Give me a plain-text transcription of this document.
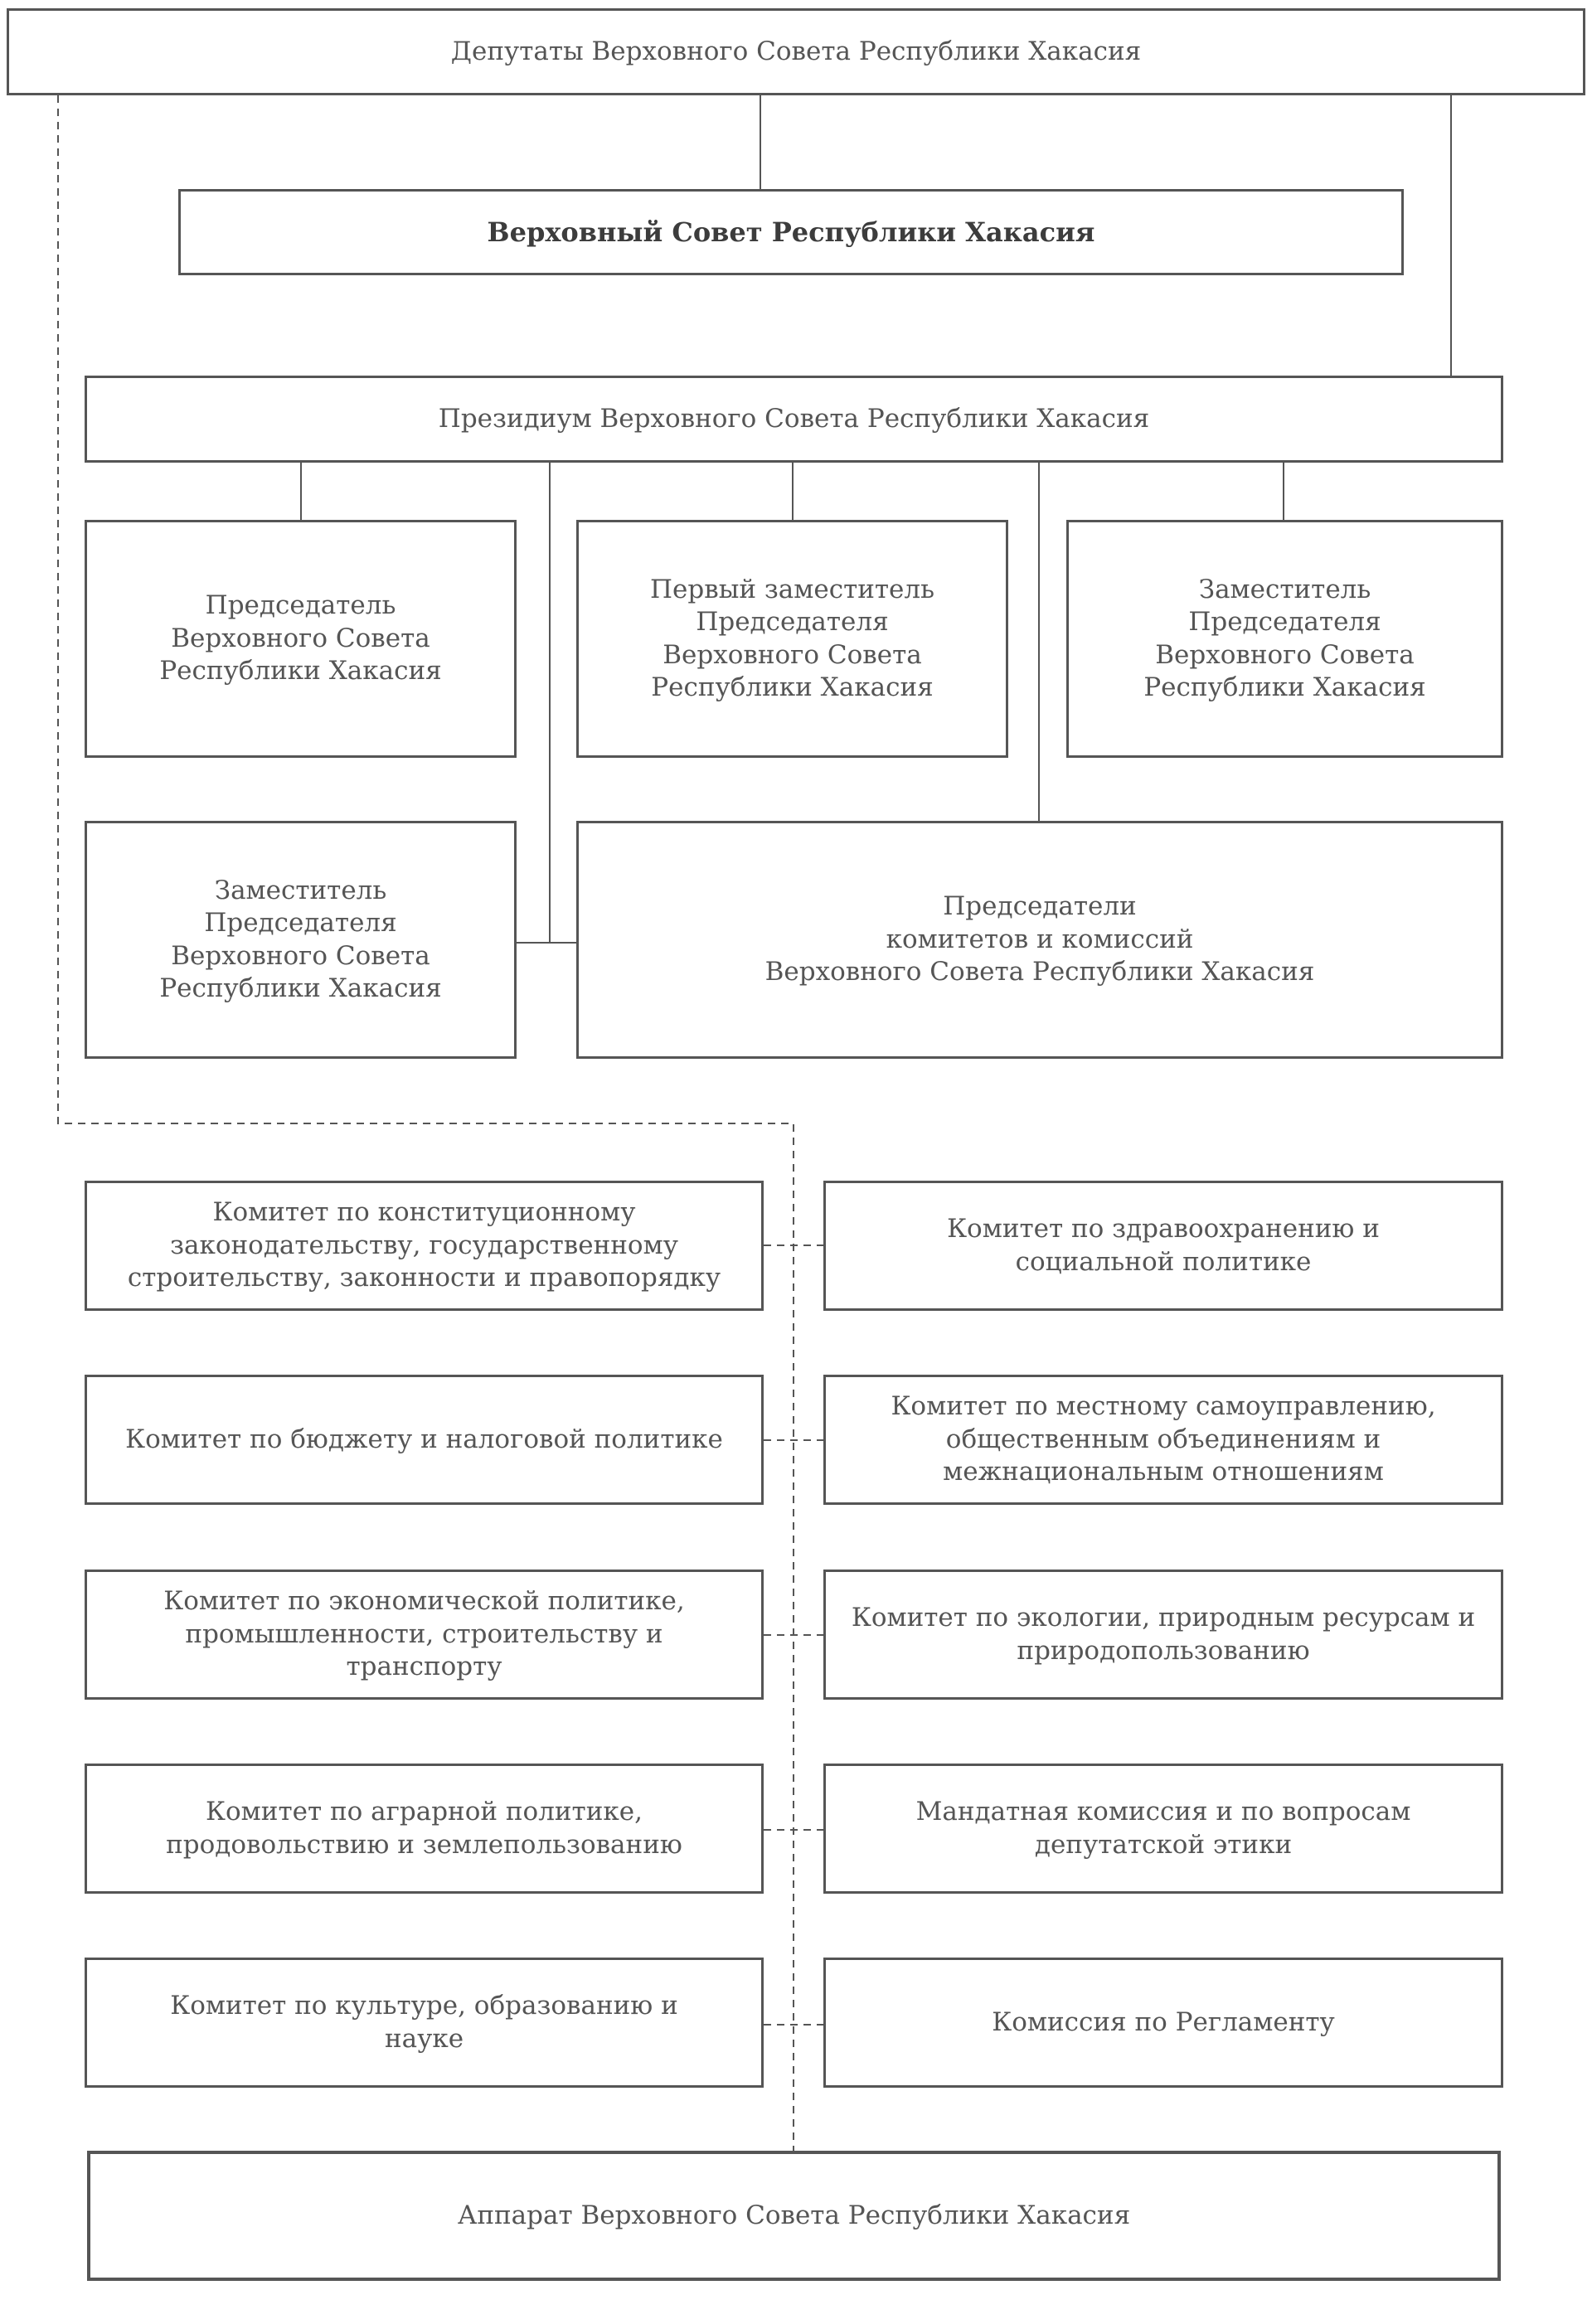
Депутаты Верховного Совета Республики Хакасия
Верховный Совет Республики Хакасия
Президиум Верховного Совета Республики Хакасия
Председатель
Верховного Совета
Республики Хакасия
Первый заместитель
Председателя
Верховного Совета
Республики Хакасия
Заместитель
Председателя
Верховного Совета
Республики Хакасия
Заместитель
Председателя
Верховного Совета
Республики Хакасия
Председатели
комитетов и комиссий
Верховного Совета Республики Хакасия
Комитет по конституционному
законодательству, государственному
строительству, законности и правопорядку
Комитет по бюджету и налоговой политике
Комитет по экономической политике,
промышленности, строительству и транспорту
Комитет по аграрной политике,
продовольствию и землепользованию
Комитет по культуре, образованию и
науке
Комитет по здравоохранению и
социальной политике
Комитет по местному самоуправлению,
общественным объединениям и
межнациональным отношениям
Комитет по экологии, природным ресурсам и
природопользованию
Мандатная комиссия и по вопросам
депутатской этики
Комиссия по Регламенту
Аппарат Верховного Совета Республики Хакасия
